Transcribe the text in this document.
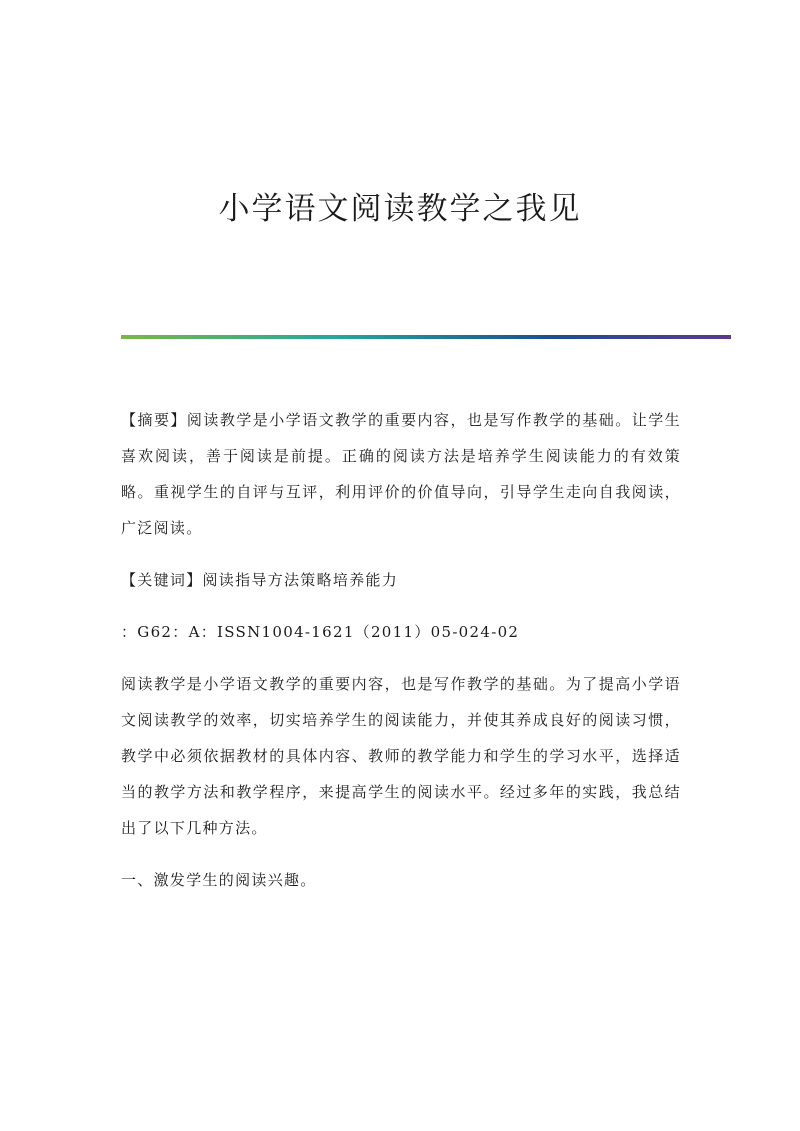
小学语文阅读教学之我见

【摘要】阅读教学是小学语文教学的重要内容，也是写作教学的基础。让学生喜欢阅读，善于阅读是前提。正确的阅读方法是培养学生阅读能力的有效策略。重视学生的自评与互评，利用评价的价值导向，引导学生走向自我阅读，广泛阅读。

【关键词】阅读指导方法策略培养能力

：G62：A：ISSN1004-1621（2011）05-024-02

阅读教学是小学语文教学的重要内容，也是写作教学的基础。为了提高小学语文阅读教学的效率，切实培养学生的阅读能力，并使其养成良好的阅读习惯，教学中必须依据教材的具体内容、教师的教学能力和学生的学习水平，选择适当的教学方法和教学程序，来提高学生的阅读水平。经过多年的实践，我总结出了以下几种方法。

一、激发学生的阅读兴趣。
